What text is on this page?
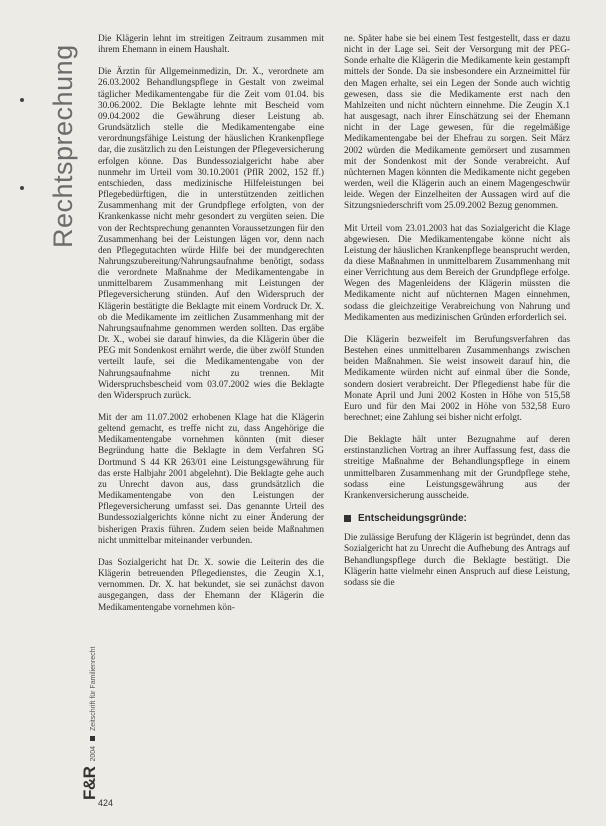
Rechtsprechung
F&R
2004
Zeitschrift für Familienrecht

Die Klägerin lehnt im streitigen Zeitraum zusammen mit ihrem Ehemann in einem Haushalt.

Die Ärztin für Allgemeinmedizin, Dr. X., verordnete am 26.03.2002 Behandlungspflege in Gestalt von zweimal täglicher Medikamentengabe für die Zeit vom 01.04. bis 30.06.2002. Die Beklagte lehnte mit Bescheid vom 09.04.2002 die Gewährung dieser Leistung ab. Grundsätzlich stelle die Medikamentengabe eine verordnungsfähige Leistung der häuslichen Krankenpflege dar, die zusätzlich zu den Leistungen der Pflegeversicherung erfolgen könne. Das Bundessozialgericht habe aber nunmehr im Urteil vom 30.10.2001 (PflR 2002, 152 ff.) entschieden, dass medizinische Hilfeleistungen bei Pflegebedürftigen, die in unterstützenden zeitlichen Zusammenhang mit der Grundpflege erfolgten, von der Krankenkasse nicht mehr gesondert zu vergüten seien. Die von der Rechtsprechung genannten Voraussetzungen für den Zusammenhang bei der Leistungen lägen vor, denn nach den Pflegegutachten würde Hilfe bei der mundgerechten Nahrungszubereitung/Nahrungsaufnahme benötigt, sodass die verordnete Maßnahme der Medikamentengabe in unmittelbarem Zusammenhang mit Leistungen der Pflegeversicherung stünden. Auf den Widerspruch der Klägerin bestätigte die Beklagte mit einem Vordruck Dr. X. ob die Medikamente im zeitlichen Zusammenhang mit der Nahrungsaufnahme genommen werden sollten. Das ergäbe Dr. X., wobei sie darauf hinwies, da die Klägerin über die PEG mit Sondenkost ernährt werde, die über zwölf Stunden verteilt laufe, sei die Medikamentengabe von der Nahrungsaufnahme nicht zu trennen. Mit Widerspruchsbescheid vom 03.07.2002 wies die Beklagte den Widerspruch zurück.

Mit der am 11.07.2002 erhobenen Klage hat die Klägerin geltend gemacht, es treffe nicht zu, dass Angehörige die Medikamentengabe vornehmen könnten (mit dieser Begründung hatte die Beklagte in dem Verfahren SG Dortmund S 44 KR 263/01 eine Leistungsgewährung für das erste Halbjahr 2001 abgelehnt). Die Beklagte gehe auch zu Unrecht davon aus, dass grundsätzlich die Medikamentengabe von den Leistungen der Pflegeversicherung umfasst sei. Das genannte Urteil des Bundessozialgerichts könne nicht zu einer Änderung der bisherigen Praxis führen. Zudem seien beide Maßnahmen nicht unmittelbar miteinander verbunden.

Das Sozialgericht hat Dr. X. sowie die Leiterin des die Klägerin betreuenden Pflegedienstes, die Zeugin X.1, vernommen. Dr. X. hat bekundet, sie sei zunächst davon ausgegangen, dass der Ehemann der Klägerin die Medikamentengabe vornehmen kön-

ne. Später habe sie bei einem Test festgestellt, dass er dazu nicht in der Lage sei. Seit der Versorgung mit der PEG-Sonde erhalte die Klägerin die Medikamente kein gestampft mittels der Sonde. Da sie insbesondere ein Arzneimittel für den Magen erhalte, sei ein Legen der Sonde auch wichtig gewesen, dass sie die Medikamente erst nach den Mahlzeiten und nicht nüchtern einnehme. Die Zeugin X.1 hat ausgesagt, nach ihrer Einschätzung sei der Ehemann nicht in der Lage gewesen, für die regelmäßige Medikamentengabe bei der Ehefrau zu sorgen. Seit März 2002 würden die Medikamente gemörsert und zusammen mit der Sondenkost mit der Sonde verabreicht. Auf nüchternen Magen könnten die Medikamente nicht gegeben werden, weil die Klägerin auch an einem Magengeschwür leide. Wegen der Einzelheiten der Aussagen wird auf die Sitzungsniederschrift vom 25.09.2002 Bezug genommen.

Mit Urteil vom 23.01.2003 hat das Sozialgericht die Klage abgewiesen. Die Medikamentengabe könne nicht als Leistung der häuslichen Krankenpflege beansprucht werden, da diese Maßnahmen in unmittelbarem Zusammenhang mit einer Verrichtung aus dem Bereich der Grundpflege erfolge. Wegen des Magenleidens der Klägerin müssten die Medikamente nicht auf nüchternen Magen einnehmen, sodass die gleichzeitige Verabreichung von Nahrung und Medikamenten aus medizinischen Gründen erforderlich sei.

Die Klägerin bezweifelt im Berufungsverfahren das Bestehen eines unmittelbaren Zusammenhangs zwischen beiden Maßnahmen. Sie weist insoweit darauf hin, die Medikamente würden nicht auf einmal über die Sonde, sondern dosiert verabreicht. Der Pflegedienst habe für die Monate April und Juni 2002 Kosten in Höhe von 515,58 Euro und für den Mai 2002 in Höhe von 532,58 Euro berechnet; eine Zahlung sei bisher nicht erfolgt.

Die Beklagte hält unter Bezugnahme auf deren erstinstanzlichen Vortrag an ihrer Auffassung fest, dass die streitige Maßnahme der Behandlungspflege in einem unmittelbaren Zusammenhang mit der Grundpflege stehe, sodass eine Leistungsgewährung aus der Krankenversicherung ausscheide.

Entscheidungsgründe:

Die zulässige Berufung der Klägerin ist begründet, denn das Sozialgericht hat zu Unrecht die Aufhebung des Antrags auf Behandlungspflege durch die Beklagte bestätigt. Die Klägerin hatte vielmehr einen Anspruch auf diese Leistung, sodass sie die

424
